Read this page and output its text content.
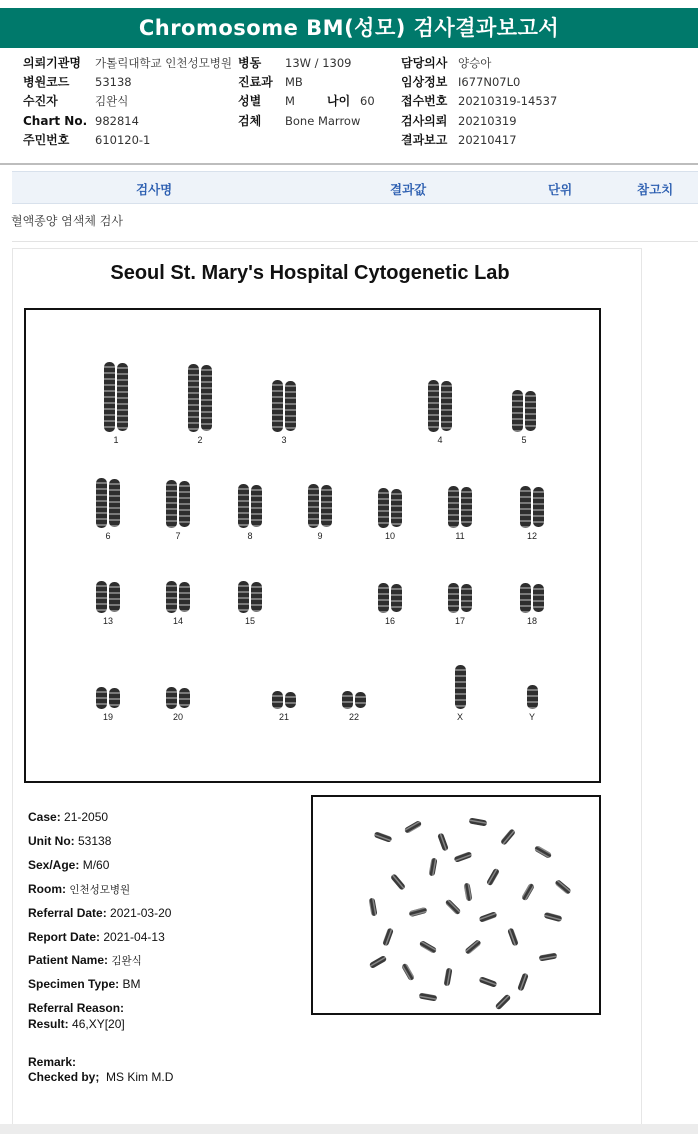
Chromosome BM(성모) 검사결과보고서
의뢰기관명 가톨릭대학교 인천성모병원 병동 13W / 1309	담당의사 양승아
병원코드 53138	진료과 MB	임상정보 I677N07L0
수진자	김완식	성별 M	나이 60 접수번호 20210319-14537
Chart No. 982814	검체 Bone Marrow	검사의뢰 20210319
주민번호 610120-1	결과보고 20210417
검사명	결과값	단위	참고치
혈액종양 염색체 검사
Seoul St. Mary's Hospital Cytogenetic Lab
1	2	3	4	5
6	7	8	9	10	11	12
13	14	15	16	17	18
19	20	21	22	X	Y
Case: 21-2050
Unit No: 53138
Sex/Age: M/60
Room: 인천성모병원
Referral Date: 2021-03-20
Report Date: 2021-04-13
Patient Name: 김완식
Specimen Type: BM
Referral Reason:
Result: 46,XY[20]
Remark:
Checked by; MS Kim M.D
